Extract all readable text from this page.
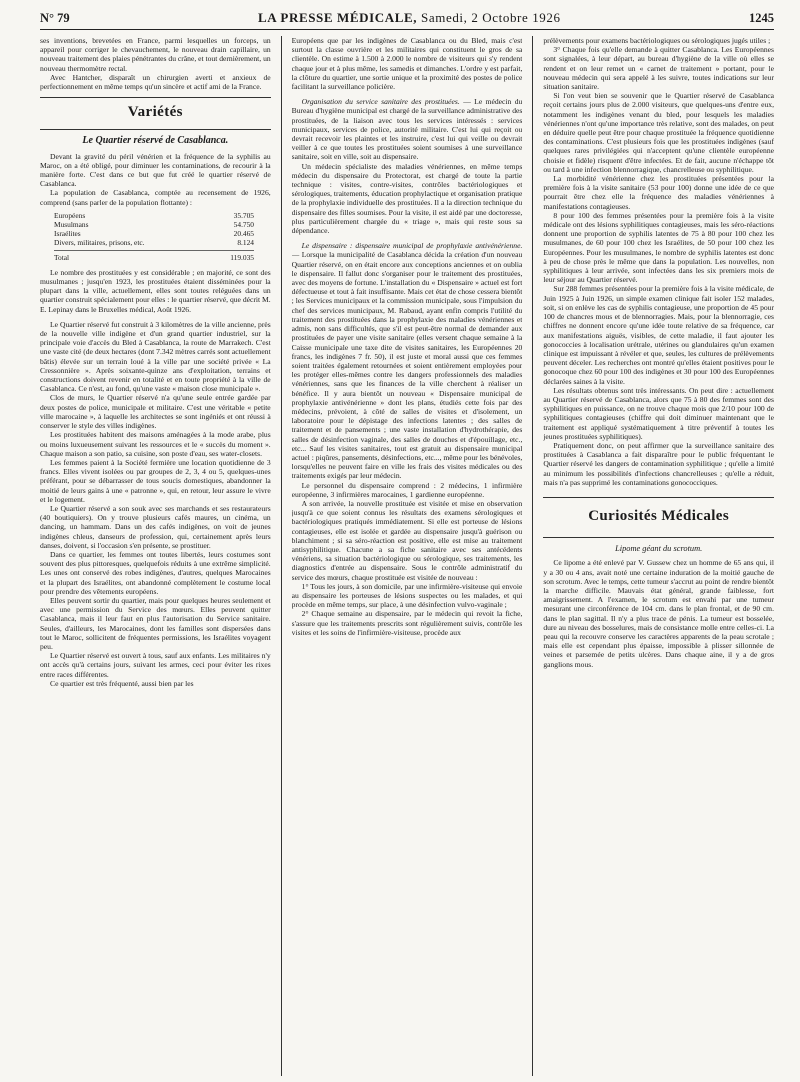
N° 79	LA PRESSE MÉDICALE, Samedi, 2 Octobre 1926	1245

ses inventions, brevetées en France, parmi lesquelles un forceps, un appareil pour corriger le chevauchement, le nouveau drain capillaire, un nouveau traitement des plaies pénétrantes du crâne, et tout dernièrement, un nouveau thermomètre rectal.

Avec Hantcher, disparaît un chirurgien averti et anxieux de perfectionnement en même temps qu'un sincère et actif ami de la France.

Variétés
Le Quartier réservé de Casablanca.

Devant la gravité du péril vénérien et la fréquence de la syphilis au Maroc, on a été obligé, pour diminuer les contaminations, de recourir à la manière forte. C'est dans ce but que fut créé le quartier réservé de Casablanca.

La population de Casablanca, comptée au recensement de 1926, comprend (sans parler de la population flottante) :

Européens	35.705
Musulmans	54.750
Israélites	20.465
Divers, militaires, prisons, etc.	8.124
Total	119.035

Le nombre des prostituées y est considérable ; en majorité, ce sont des musulmanes ; jusqu'en 1923, les prostituées étaient disséminées pour la plupart dans la ville, actuellement, elles sont toutes reléguées dans un quartier construit spécialement pour elles : le quartier réservé, que décrit M. E. Lepinay dans le Bruxelles médical, Août 1926.

Le Quartier réservé fut construit à 3 kilomètres de la ville ancienne, près de la nouvelle ville indigène et d'un grand quartier industriel, sur la principale voie d'accès du Bled à Casablanca, la route de Marrakech. C'est une vaste cité (de deux hectares (dont 7.342 mètres carrés sont actuellement bâtis) élevée sur un terrain loué à la ville par une société privée « La Cressonnière ». Après soixante-quinze ans d'exploitation, terrains et constructions doivent revenir en totalité et en toute propriété à la ville de Casablanca. Ce n'est, au fond, qu'une vaste « maison close municipale ».

Clos de murs, le Quartier réservé n'a qu'une seule entrée gardée par deux postes de police, municipale et militaire. C'est une véritable « petite ville marocaine », à laquelle les architectes se sont ingéniés et ont réussi à conserver le style des villes indigènes.

Les prostituées habitent des maisons aménagées à la mode arabe, plus ou moins luxueusement suivant les ressources et le « succès du moment ». Chaque maison a son patio, sa cuisine, son poste d'eau, ses water-closets.

Les femmes paient à la Société fermière une location quotidienne de 3 francs. Elles vivent isolées ou par groupes de 2, 3, 4 ou 5, quelques-unes préférant, pour se débarrasser de tous soucis domestiques, abandonner la moitié de leurs gains à une « patronne », qui, en retour, leur assure le vivre et le logement.

Le Quartier réservé a son souk avec ses marchands et ses restaurateurs (40 boutiquiers). On y trouve plusieurs cafés maures, un cinéma, un dancing, un hammam. Dans un des cafés indigènes, on voit de jeunes indigènes chleus, danseurs de profession, qui, certainement après leurs danses, doivent, si l'occasion s'en présente, se prostituer.

Dans ce quartier, les femmes ont toutes libertés, leurs costumes sont souvent des plus pittoresques, quelquefois réduits à une extrême simplicité. Les unes ont conservé des robes indigènes, d'autres, quelques Marocaines et la plupart des Israélites, ont abandonné complètement le costume local pour prendre des vêtements européens.

Elles peuvent sortir du quartier, mais pour quelques heures seulement et avec une permission du Service des mœurs. Elles peuvent quitter Casablanca, mais il leur faut en plus l'autorisation du Service sanitaire. Seules, d'ailleurs, les Marocaines, dont les familles sont dispersées dans tout le Maroc, sollicitent de fréquentes permissions, les Israélites voyagent peu.

Le Quartier réservé est ouvert à tous, sauf aux enfants. Les militaires n'y ont accès qu'à certains jours, suivant les armes, ceci pour éviter les rixes entre races différentes.

Ce quartier est très fréquenté, aussi bien par les

Européens que par les indigènes de Casablanca ou du Bled, mais c'est surtout la classe ouvrière et les militaires qui constituent le gros de sa clientèle. On estime à 1.500 à 2.000 le nombre de visiteurs qui s'y rendent chaque jour et à plus même, les samedis et dimanches. L'ordre y est parfait, la clôture du quartier, une sortie unique et la proximité des postes de police facilitant la surveillance policière.

Organisation du service sanitaire des prostituées. — Le médecin du Bureau d'hygiène municipal est chargé de la surveillance administrative des prostituées, de la liaison avec tous les services intéressés : services municipaux, services de police, autorité militaire. C'est lui qui reçoit ou devrait recevoir les plaintes et les instruire, c'est lui qui veille ou devrait veiller à ce que toutes les prostituées soient soumises à une surveillance sanitaire, soit en ville, soit au dispensaire.

Un médecin spécialiste des maladies vénériennes, en même temps médecin du dispensaire du Protectorat, est chargé de toute la partie technique : visites, contre-visites, contrôles bactériologiques et sérologiques, traitements, éducation prophylactique et organisation pratique de la prophylaxie individuelle des prostituées. Il a la direction technique du dispensaire des filles soumises. Pour la visite, il est aidé par une doctoresse, plus particulièrement chargée du « triage », mais qui reste sous sa dépendance.

Le dispensaire : dispensaire municipal de prophylaxie antivénérienne. — Lorsque la municipalité de Casablanca décida la création d'un nouveau Quartier réservé, on en était encore aux conceptions anciennes et on oublia le dispensaire. Il fallut donc s'organiser pour le traitement des prostituées, avec des moyens de fortune. L'installation du « Dispensaire » actuel est fort défectueuse et tout à fait insuffisante. Mais cet état de chose cessera bientôt ; les Services municipaux et la commission municipale, sous l'impulsion du chef des services municipaux, M. Rabaud, ayant enfin compris l'utilité du traitement des prostituées dans la prophylaxie des maladies vénériennes et admis, non sans difficultés, que s'il est peut-être normal de demander aux prostituées de payer une visite sanitaire (elles versent chaque semaine à la Caisse municipale une taxe dite de visites sanitaires, les Européennes 20 francs, les indigènes 7 fr. 50), il est juste et moral aussi que ces femmes soient traitées également retournées et soient entièrement employées pour les protéger elles-mêmes contre les dangers professionnels des maladies vénériennes, sans que les finances de la ville cherchent à réaliser un bénéfice. Il y aura bientôt un nouveau « Dispensaire municipal de prophylaxie antivénérienne » dont les plans, étudiés cette fois par des médecins, prévoient, à côté de salles de visites et d'isolement, un laboratoire pour le dépistage des infections latentes ; des salles de traitement et de pansements ; une vaste installation d'hydrothérapie, des salles de désinfection vaginale, des salles de douches et d'épouillage, etc., etc... Sauf les visites sanitaires, tout est gratuit au dispensaire municipal actuel : piqûres, pansements, désinfections, etc..., même pour les bénévoles, lorsqu'elles ne peuvent faire en ville les frais des visites médicales ou des traitements exigés par leur médecin.

Le personnel du dispensaire comprend : 2 médecins, 1 infirmière européenne, 3 infirmières marocaines, 1 gardienne européenne.

A son arrivée, la nouvelle prostituée est visitée et mise en observation jusqu'à ce que soient connus les résultats des examens sérologiques et bactériologiques pratiqués immédiatement. Si elle est porteuse de lésions contagieuses, elle est isolée et gardée au dispensaire jusqu'à guérison ou blanchiment ; si sa séro-réaction est positive, elle est mise au traitement antisyphilitique. Chacune a sa fiche sanitaire avec ses antécédents vénériens, sa situation bactériologique ou sérologique, ses traitements, les diagnostics d'entrée au dispensaire. Sous le contrôle administratif du service des mœurs, chaque prostituée est visitée de nouveau :

1° Tous les jours, à son domicile, par une infirmière-visiteuse qui envoie au dispensaire les porteuses de lésions suspectes ou les malades, et qui procède en même temps, sur place, à une désinfection vulvo-vaginale ;

2° Chaque semaine au dispensaire, par le médecin qui revoit la fiche, s'assure que les traitements prescrits sont régulièrement suivis, contrôle les visites et les soins de l'infirmière-visiteuse, procède aux

prélèvements pour examens bactériologiques ou sérologiques jugés utiles ;

3° Chaque fois qu'elle demande à quitter Casablanca. Les Européennes sont signalées, à leur départ, au bureau d'hygiène de la ville où elles se rendent et on leur remet un « carnet de traitement » portant, pour le nouveau médecin qui sera appelé à les suivre, toutes indications sur leur situation sanitaire.

Si l'on veut bien se souvenir que le Quartier réservé de Casablanca reçoit certains jours plus de 2.000 visiteurs, que quelques-uns d'entre eux, notamment les indigènes venant du bled, pour lesquels les maladies vénériennes n'ont qu'une importance très relative, sont des malades, on peut en déduire quelle peut être pour chaque prostituée la fréquence quotidienne des contaminations. C'est plusieurs fois que les prostituées indigènes (sauf quelques rares privilégiées qui n'acceptent qu'une clientèle européenne choisie et fidèle) risquent d'être infectées. Et de fait, aucune n'échappe tôt ou tard à une infection blennorragique, chancrelleuse ou syphilitique.

La morbidité vénérienne chez les prostituées présentées pour la première fois à la visite sanitaire (53 pour 100) donne une idée de ce que pourrait être chez elle la fréquence des maladies vénériennes à manifestations contagieuses.

8 pour 100 des femmes présentées pour la première fois à la visite médicale ont des lésions syphilitiques contagieuses, mais les séro-réactions donnent une proportion de syphilis latentes de 75 à 80 pour 100 chez les musulmanes, de 60 pour 100 chez les Israélites, de 50 pour 100 chez les Européennes. Pour les musulmanes, le nombre de syphilis latentes est donc à peu de chose près le même que dans la population. Les nouvelles, non syphilitiques à leur arrivée, sont infectées dans les six premiers mois de leur séjour au Quartier réservé.

Sur 288 femmes présentées pour la première fois à la visite médicale, de Juin 1925 à Juin 1926, un simple examen clinique fait isoler 152 malades, soit, si on enlève les cas de syphilis contagieuse, une proportion de 45 pour 100 de chancres mous et de blennorragies. Mais, pour la blennorragie, ces chiffres ne donnent encore qu'une idée toute relative de sa fréquence, car aux manifestations aiguës, visibles, de cette maladie, il faut ajouter les gonococcies à localisation urétrale, utérines ou glandulaires qu'un examen clinique est impuissant à révéler et que, seules, les cultures de prélèvements peuvent déceler. Les recherches ont montré qu'elles étaient positives pour le gonocoque chez 60 pour 100 des indigènes et 30 pour 100 des Européennes déclarées saines à la visite.

Les résultats obtenus sont très intéressants. On peut dire : actuellement au Quartier réservé de Casablanca, alors que 75 à 80 des femmes sont des syphilitiques en puissance, on ne trouve chaque mois que 2/10 pour 100 de syphilitiques contagieuses (chiffre qui doit diminuer maintenant que le traitement est appliqué systématiquement à titre préventif à toutes les jeunes prostituées syphilitiques).

Pratiquement donc, on peut affirmer que la surveillance sanitaire des prostituées à Casablanca a fait disparaître pour le public fréquentant le Quartier réservé les dangers de contamination syphilitique ; qu'elle a limité au minimum les possibilités d'infections chancrelleuses ; qu'elle a réduit, mais n'a pas supprimé les contaminations gonococciques.

Curiosités Médicales
Lipome géant du scrotum.

Ce lipome a été enlevé par V. Gussew chez un homme de 65 ans qui, il y a 30 ou 4 ans, avait noté une certaine induration de la moitié gauche de son scrotum. Avec le temps, cette tumeur s'accrut au point de rendre bientôt la marche difficile. Mauvais état général, grande faiblesse, fort amaigrissement. A l'examen, le scrotum est envahi par une tumeur mesurant une circonférence de 104 cm. dans le plan frontal, et de 90 cm. dans le plan sagittal. Il n'y a plus trace de pénis. La tumeur est bosselée, dure au niveau des bosselures, mais de consistance molle entre celles-ci. La peau qui la recouvre conserve les caractères apparents de la peau scrotale ; mais elle est cependant plus épaisse, impossible à plisser sillonnée de veines et parsemée de petits ulcères. Dans chaque aine, il y a de gros ganglions mous.
